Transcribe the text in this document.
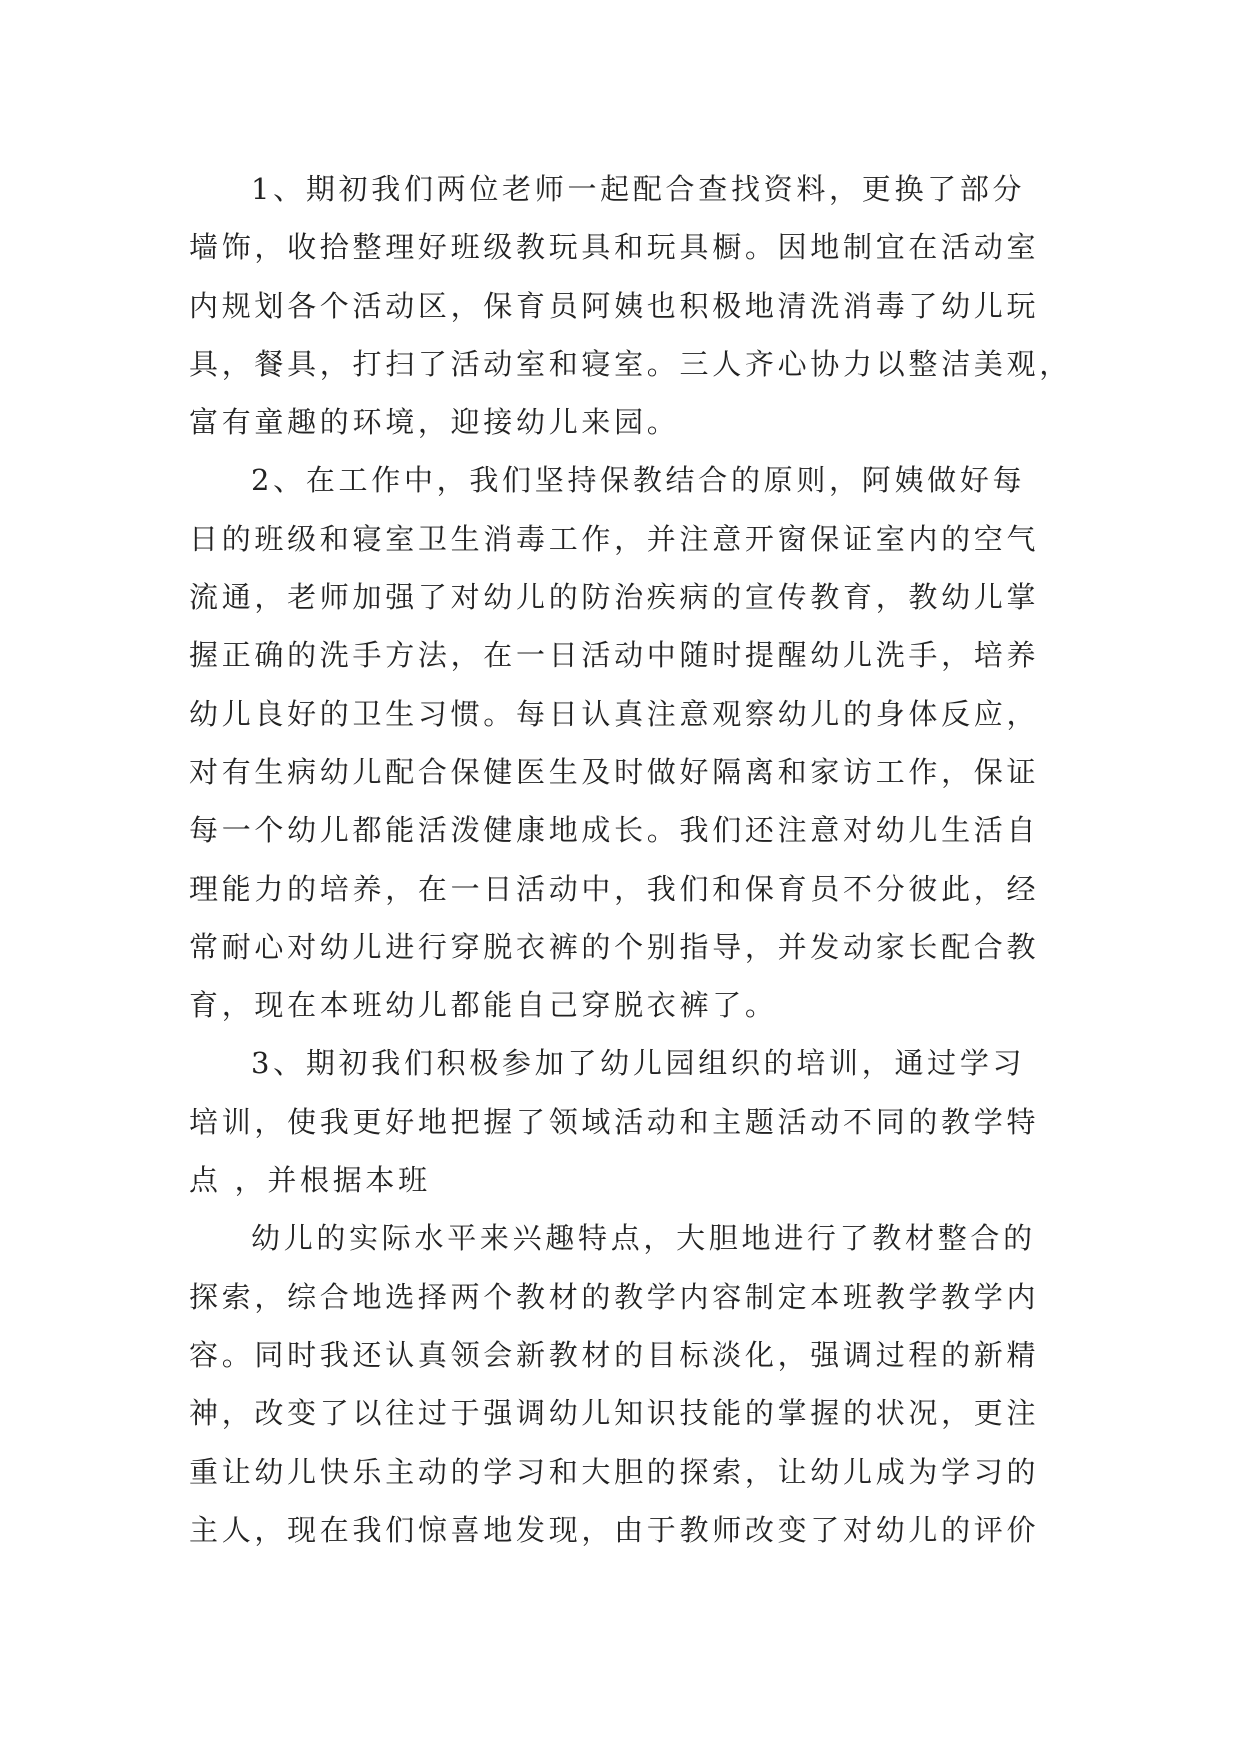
1、期初我们两位老师一起配合查找资料，更换了部分
墙饰，收拾整理好班级教玩具和玩具橱。因地制宜在活动室
内规划各个活动区，保育员阿姨也积极地清洗消毒了幼儿玩
具，餐具，打扫了活动室和寝室。三人齐心协力以整洁美观，
富有童趣的环境，迎接幼儿来园。
2、在工作中，我们坚持保教结合的原则，阿姨做好每
日的班级和寝室卫生消毒工作，并注意开窗保证室内的空气
流通，老师加强了对幼儿的防治疾病的宣传教育，教幼儿掌
握正确的洗手方法，在一日活动中随时提醒幼儿洗手，培养
幼儿良好的卫生习惯。每日认真注意观察幼儿的身体反应，
对有生病幼儿配合保健医生及时做好隔离和家访工作，保证
每一个幼儿都能活泼健康地成长。我们还注意对幼儿生活自
理能力的培养，在一日活动中，我们和保育员不分彼此，经
常耐心对幼儿进行穿脱衣裤的个别指导，并发动家长配合教
育，现在本班幼儿都能自己穿脱衣裤了。
3、期初我们积极参加了幼儿园组织的培训，通过学习
培训，使我更好地把握了领域活动和主题活动不同的教学特
点 ，并根据本班
幼儿的实际水平来兴趣特点，大胆地进行了教材整合的
探索，综合地选择两个教材的教学内容制定本班教学教学内
容。同时我还认真领会新教材的目标淡化，强调过程的新精
神，改变了以往过于强调幼儿知识技能的掌握的状况，更注
重让幼儿快乐主动的学习和大胆的探索，让幼儿成为学习的
主人，现在我们惊喜地发现，由于教师改变了对幼儿的评价
